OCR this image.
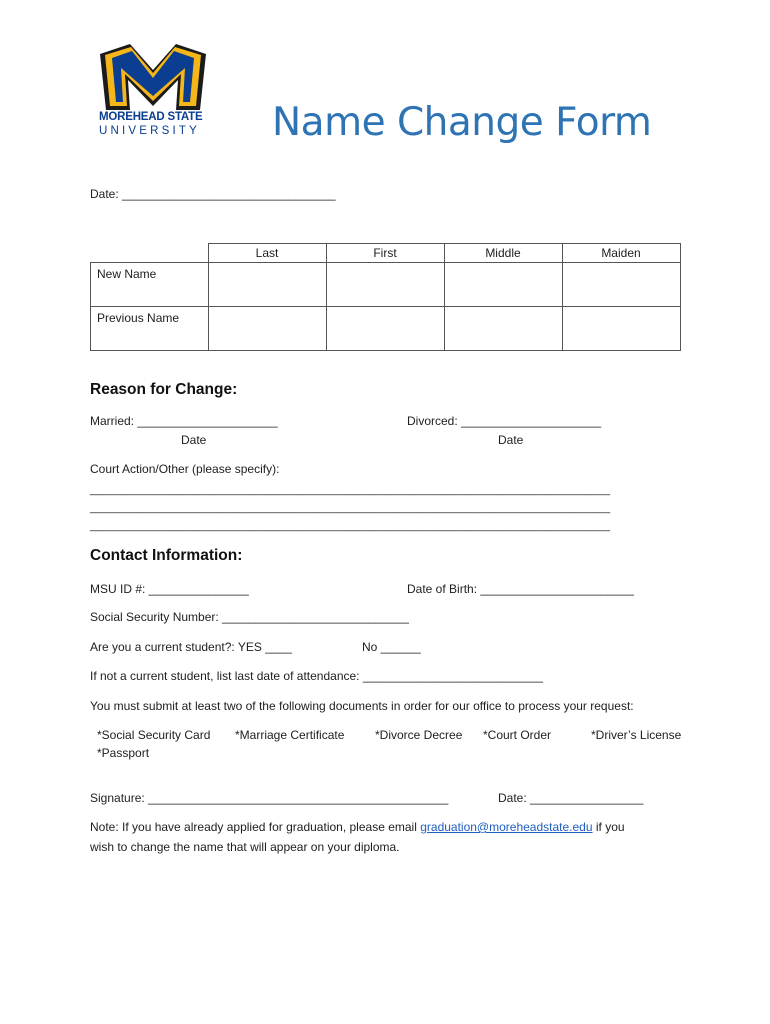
MOREHEAD STATE
UNIVERSITY Name Change Form
Date: ________________________________
	Last	First	Middle	Maiden
New Name				
Previous Name				
Reason for Change:
Married: _____________________
Date
Divorced: _____________________
Date
Court Action/Other (please specify):
___________________________________________________________________________________
___________________________________________________________________________________
___________________________________________________________________________________
Contact Information:
MSU ID #: _______________	Date of Birth: _______________________
Social Security Number: ____________________________
Are you a current student?: YES ____	No ______
If not a current student, list last date of attendance: ___________________________
You must submit at least two of the following documents in order for our office to process your request:
*Social Security Card *Marriage Certificate	*Divorce Decree *Court Order	*Driver’s License
*Passport
Signature: _____________________________________________	Date: _________________
Note: If you have already applied for graduation, please email graduation@moreheadstate.edu if you
wish to change the name that will appear on your diploma.
